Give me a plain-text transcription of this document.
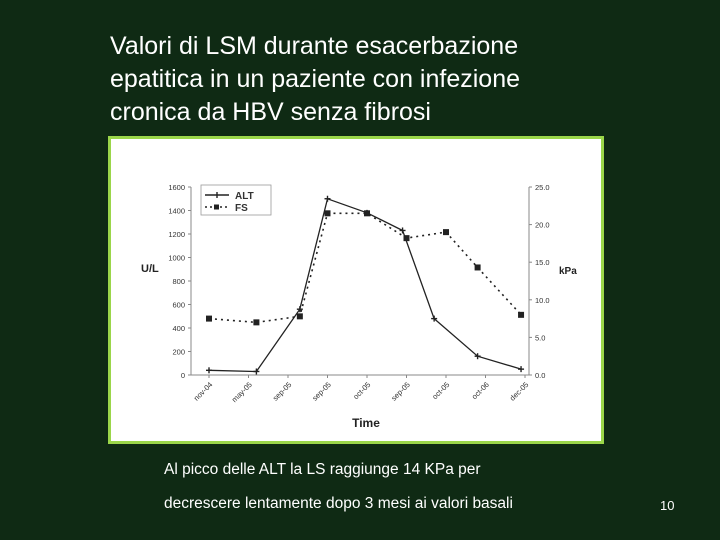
Valori di LSM durante esacerbazione
epatitica in un paziente con infezione
cronica da HBV senza fibrosi
0
200
400
600
800
1000
1200
1400
1600
0.0
5.0
10.0
15.0
20.0
25.0
nov-04 may-05 sep-05 sep-05 oct-05 sep-05 oct-05 oct-06 dec-05
ALT
FS
U/L	kPa
Time
Al picco delle ALT la LS raggiunge 14 KPa per
decrescere lentamente dopo 3 mesi ai valori basali	10
